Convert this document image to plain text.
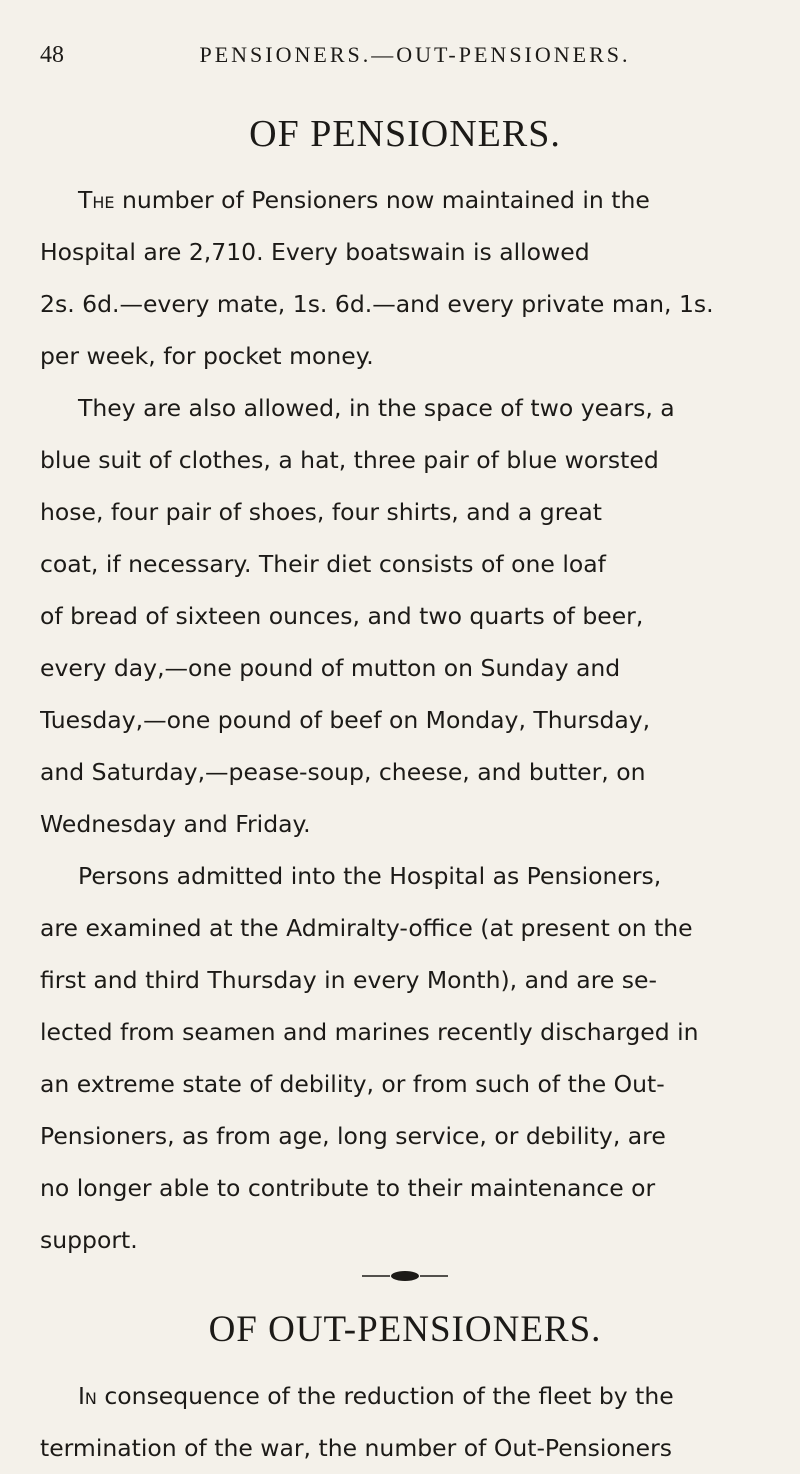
48	PENSIONERS.—OUT-PENSIONERS.
OF PENSIONERS.

The number of Pensioners now maintained in the
Hospital are 2,710. Every boatswain is allowed
2s. 6d.—every mate, 1s. 6d.—and every private man, 1s.
per week, for pocket money.

They are also allowed, in the space of two years, a
blue suit of clothes, a hat, three pair of blue worsted
hose, four pair of shoes, four shirts, and a great
coat, if necessary. Their diet consists of one loaf
of bread of sixteen ounces, and two quarts of beer,
every day,—one pound of mutton on Sunday and
Tuesday,—one pound of beef on Monday, Thursday,
and Saturday,—pease-soup, cheese, and butter, on
Wednesday and Friday.

Persons admitted into the Hospital as Pensioners,
are examined at the Admiralty-office (at present on the
first and third Thursday in every Month), and are se-
lected from seamen and marines recently discharged in
an extreme state of debility, or from such of the Out-
Pensioners, as from age, long service, or debility, are
no longer able to contribute to their maintenance or
support.

OF OUT-PENSIONERS.

In consequence of the reduction of the fleet by the
termination of the war, the number of Out-Pensioners
